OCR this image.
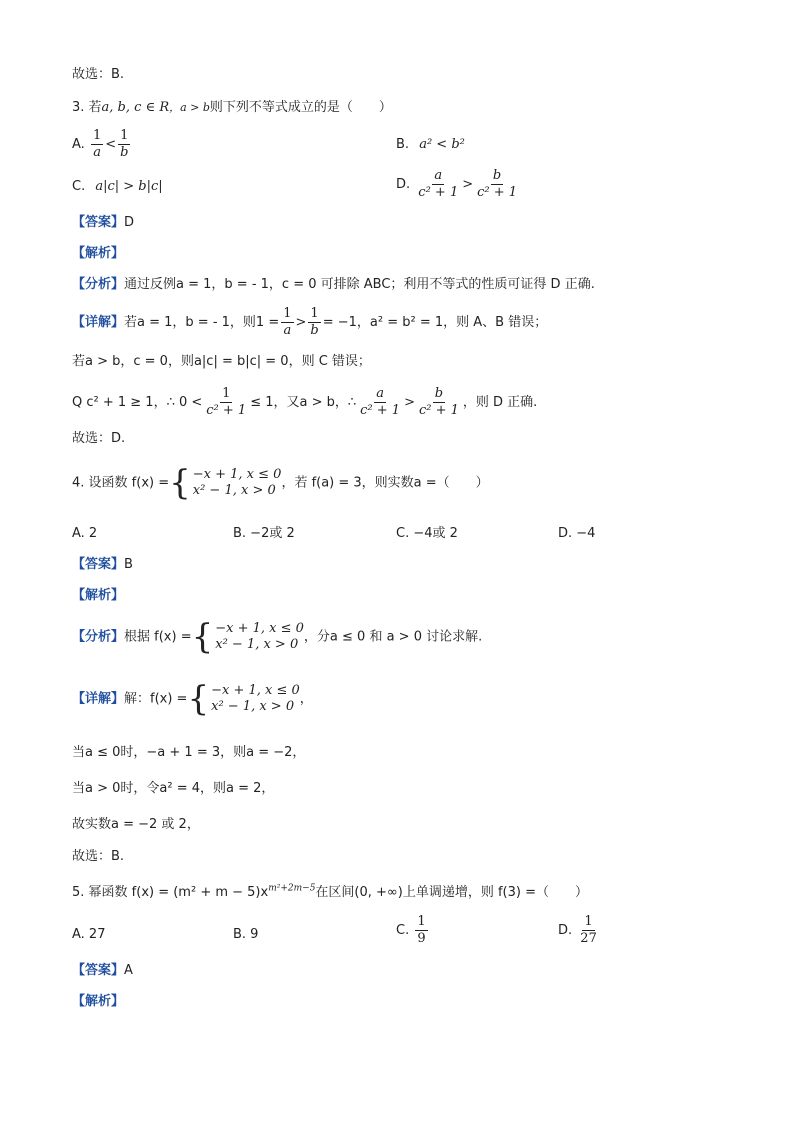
故选：B.
3. 若a, b, c ∈ R，a > b则下列不等式成立的是（　　）
A. $\frac{1}{a} < \frac{1}{b}$	B. a² < b²
C. a|c| > b|c|	D. $\frac{a}{\text{c² + 1}} > \frac{b}{\text{c² + 1}}$
【答案】D
【解析】
【分析】通过反例a = 1，b = - 1，c = 0 可排除 ABC；利用不等式的性质可证得 D 正确.
【详解】若a = 1，b = - 1，则$1 = \frac{1}{a} > \frac{1}{b} = -1$，a² = b² = 1，则 A、B 错误；
若a > b，c = 0，则a|c| = b|c| = 0，则 C 错误；
Q c² + 1 ≥ 1，∴ $0 < \frac{1}{\text{c² + 1}} \le 1$，又a > b，∴ $\frac{a}{\text{c² + 1}} > \frac{b}{\text{c² + 1}}$ ，则 D 正确.
故选：D.
4. 设函数 f(x) = { −x + 1, x ≤ 0
x² − 1, x > 0 ，若 f(a) = 3，则实数a =（　　）
A. 2	B. −2或 2	C. −4或 2	D. −4
【答案】B
【解析】
【分析】根据 f(x) = { −x + 1, x ≤ 0
x² − 1, x > 0 ，分a ≤ 0 和 a > 0 讨论求解.
【详解】解：f(x) = { −x + 1, x ≤ 0
x² − 1, x > 0 ，
当a ≤ 0时，−a + 1 = 3，则a = −2，
当a > 0时，令a² = 4，则a = 2，
故实数a = −2 或 2，
故选：B.
5. 幂函数 $f(x) = (m^2 + m - 5)x^{m^2+2m-5}$在区间(0, +∞)上单调递增，则 f(3) =（　　）
A. 27	B. 9	C. $\frac{1}{9}$	D. $\frac{1}{27}$
【答案】A
【解析】
